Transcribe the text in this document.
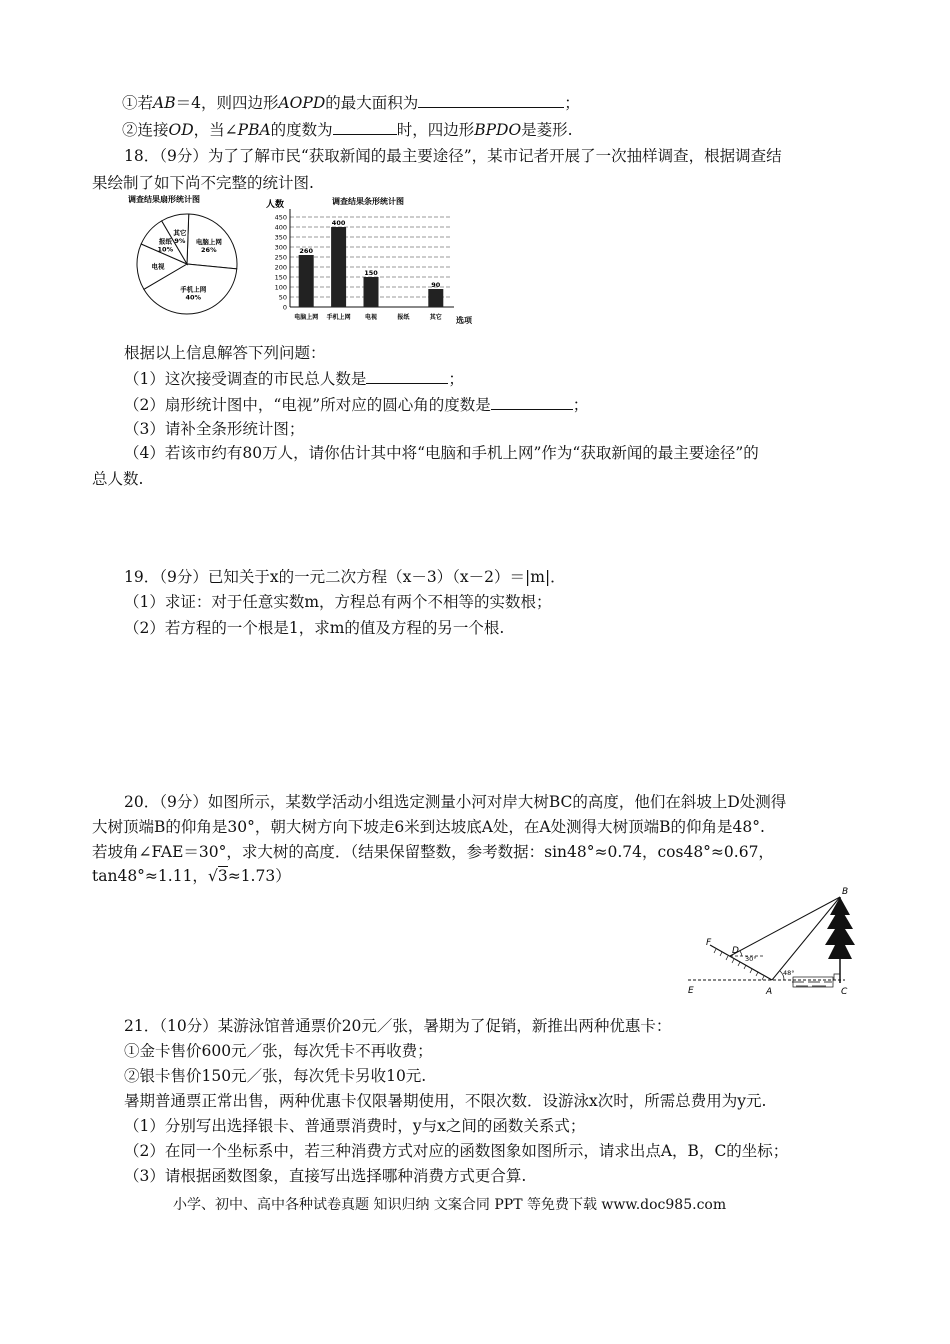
①若AB＝4，则四边形AOPD的最大面积为	；
②连接OD，当∠PBA的度数为	时，四边形BPDO是菱形.
18．（9分）为了了解市民“获取新闻的最主要途径”，某市记者开展了一次抽样调查，根据调查结
果绘制了如下尚不完整的统计图.
调查结果扇形统计图
电脑上网
26%
手机上网
40%
电视
报纸
10%
其它
9%
调查结果条形统计图
人数
选项
0
50
100
150
200
250
300
350
400
450
260
电脑上网
400
手机上网
150
电视	报纸
90
其它
根据以上信息解答下列问题：
（1）这次接受调查的市民总人数是	；
（2）扇形统计图中，“电视”所对应的圆心角的度数是	；
（3）请补全条形统计图；
（4）若该市约有80万人，请你估计其中将“电脑和手机上网”作为“获取新闻的最主要途径”的
总人数.
19．（9分）已知关于x的一元二次方程（x－3）（x－2）＝|m|．
（1）求证：对于任意实数m，方程总有两个不相等的实数根；
（2）若方程的一个根是1，求m的值及方程的另一个根.
20．（9分）如图所示，某数学活动小组选定测量小河对岸大树BC的高度，他们在斜坡上D处测得
大树顶端B的仰角是30°，朝大树方向下坡走6米到达坡底A处，在A处测得大树顶端B的仰角是48°.
若坡角∠FAE＝30°，求大树的高度．（结果保留整数，参考数据：sin48°≈0.74，cos48°≈0.67，
tan48°≈1.11，√3≈1.73）
B
F
D
30°
48°
E	A	C
21．（10分）某游泳馆普通票价20元／张，暑期为了促销，新推出两种优惠卡：
①金卡售价600元／张，每次凭卡不再收费；
②银卡售价150元／张，每次凭卡另收10元.
暑期普通票正常出售，两种优惠卡仅限暑期使用，不限次数．设游泳x次时，所需总费用为y元.
（1）分别写出选择银卡、普通票消费时，y与x之间的函数关系式；
（2）在同一个坐标系中，若三种消费方式对应的函数图象如图所示，请求出点A，B，C的坐标；
（3）请根据函数图象，直接写出选择哪种消费方式更合算.
小学、初中、高中各种试卷真题 知识归纳 文案合同 PPT 等免费下载 www.doc985.com
